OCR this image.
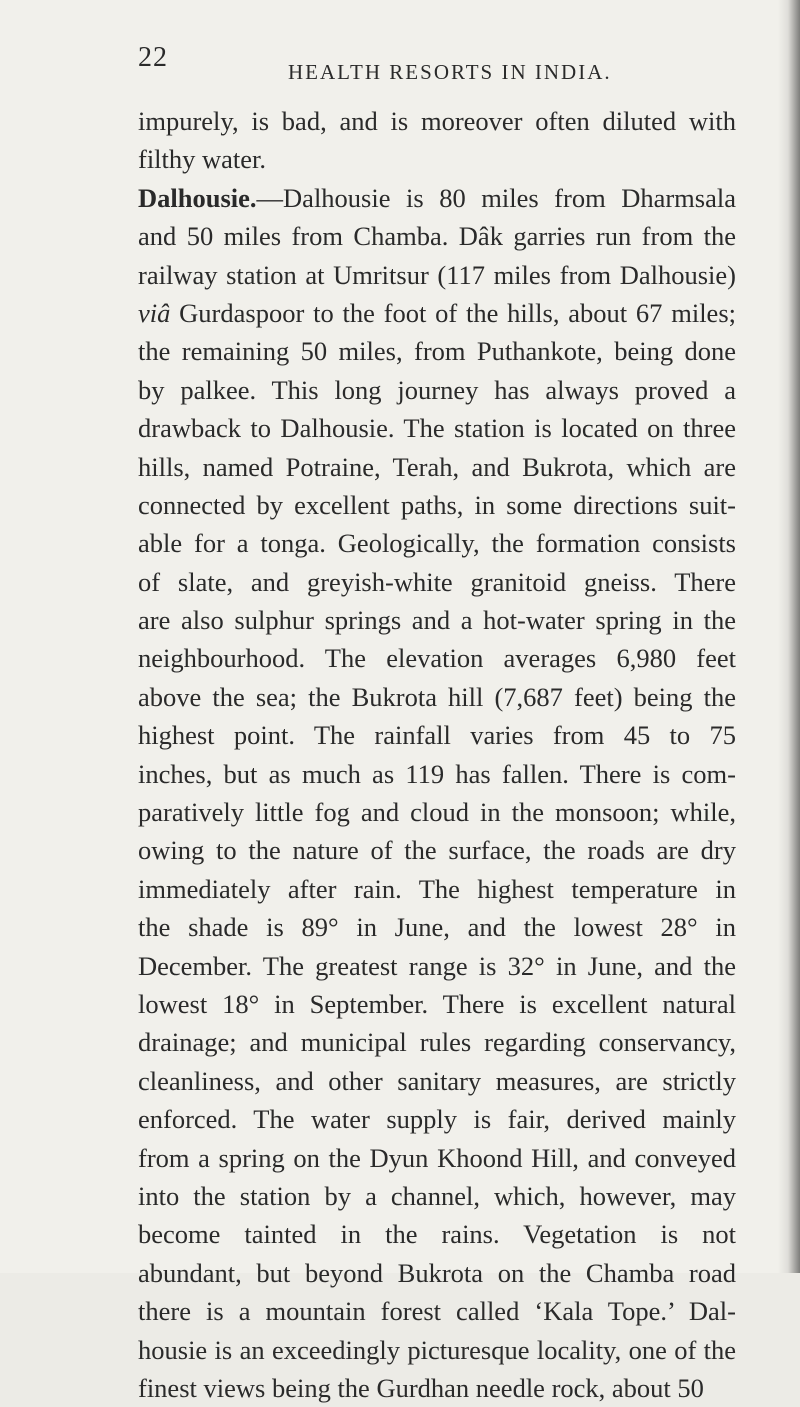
22	HEALTH RESORTS IN INDIA.
impurely, is bad, and is moreover often diluted with
filthy water.
Dalhousie.—Dalhousie is 80 miles from Dharmsala
and 50 miles from Chamba. Dâk garries run from the
railway station at Umritsur (117 miles from Dalhousie)
viâ Gurdaspoor to the foot of the hills, about 67 miles;
the remaining 50 miles, from Puthankote, being done
by palkee. This long journey has always proved a
drawback to Dalhousie. The station is located on three
hills, named Potraine, Terah, and Bukrota, which are
connected by excellent paths, in some directions suit-
able for a tonga. Geologically, the formation consists
of slate, and greyish-white granitoid gneiss. There
are also sulphur springs and a hot-water spring in the
neighbourhood. The elevation averages 6,980 feet
above the sea; the Bukrota hill (7,687 feet) being the
highest point. The rainfall varies from 45 to 75
inches, but as much as 119 has fallen. There is com-
paratively little fog and cloud in the monsoon; while,
owing to the nature of the surface, the roads are dry
immediately after rain. The highest temperature in
the shade is 89° in June, and the lowest 28° in
December. The greatest range is 32° in June, and the
lowest 18° in September. There is excellent natural
drainage; and municipal rules regarding conservancy,
cleanliness, and other sanitary measures, are strictly
enforced. The water supply is fair, derived mainly
from a spring on the Dyun Khoond Hill, and conveyed
into the station by a channel, which, however, may
become tainted in the rains. Vegetation is not
abundant, but beyond Bukrota on the Chamba road
there is a mountain forest called ‘Kala Tope.’ Dal-
housie is an exceedingly picturesque locality, one of the
finest views being the Gurdhan needle rock, about 50
